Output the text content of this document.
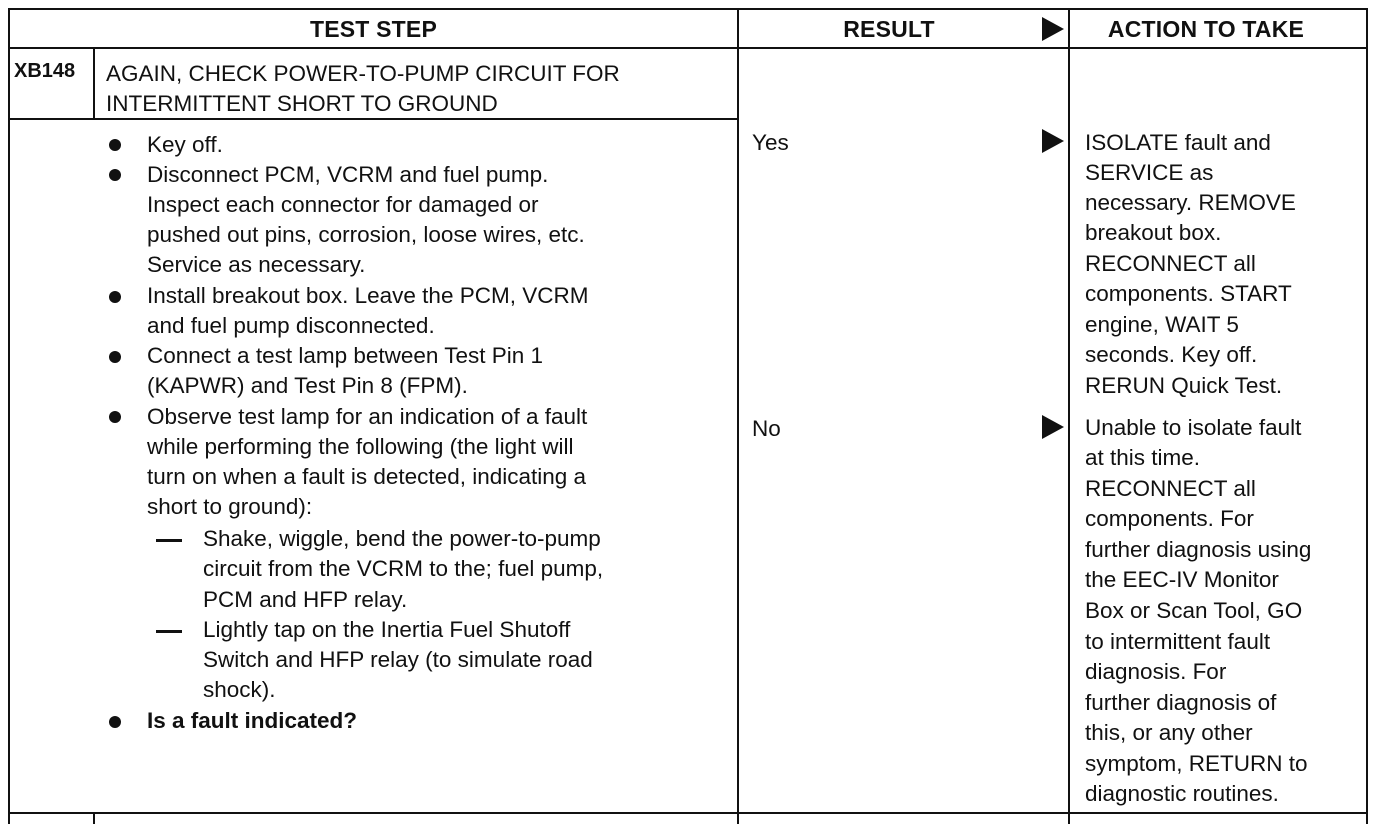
TEST STEP	RESULT	ACTION TO TAKE
XB148 AGAIN, CHECK POWER-TO-PUMP CIRCUIT FOR
INTERMITTENT SHORT TO GROUND
Key off.
Disconnect PCM, VCRM and fuel pump.
Inspect each connector for damaged or
pushed out pins, corrosion, loose wires, etc.
Service as necessary.
Install breakout box. Leave the PCM, VCRM
and fuel pump disconnected.
Connect a test lamp between Test Pin 1
(KAPWR) and Test Pin 8 (FPM).
Observe test lamp for an indication of a fault
while performing the following (the light will
turn on when a fault is detected, indicating a
short to ground):
Shake, wiggle, bend the power-to-pump
circuit from the VCRM to the; fuel pump,
PCM and HFP relay.
Lightly tap on the Inertia Fuel Shutoff
Switch and HFP relay (to simulate road
shock).
Is a fault indicated?
Yes
No
ISOLATE fault and
SERVICE as
necessary. REMOVE
breakout box.
RECONNECT all
components. START
engine, WAIT 5
seconds. Key off.
RERUN Quick Test.
Unable to isolate fault
at this time.
RECONNECT all
components. For
further diagnosis using
the EEC-IV Monitor
Box or Scan Tool, GO
to intermittent fault
diagnosis. For
further diagnosis of
this, or any other
symptom, RETURN to
diagnostic routines.
